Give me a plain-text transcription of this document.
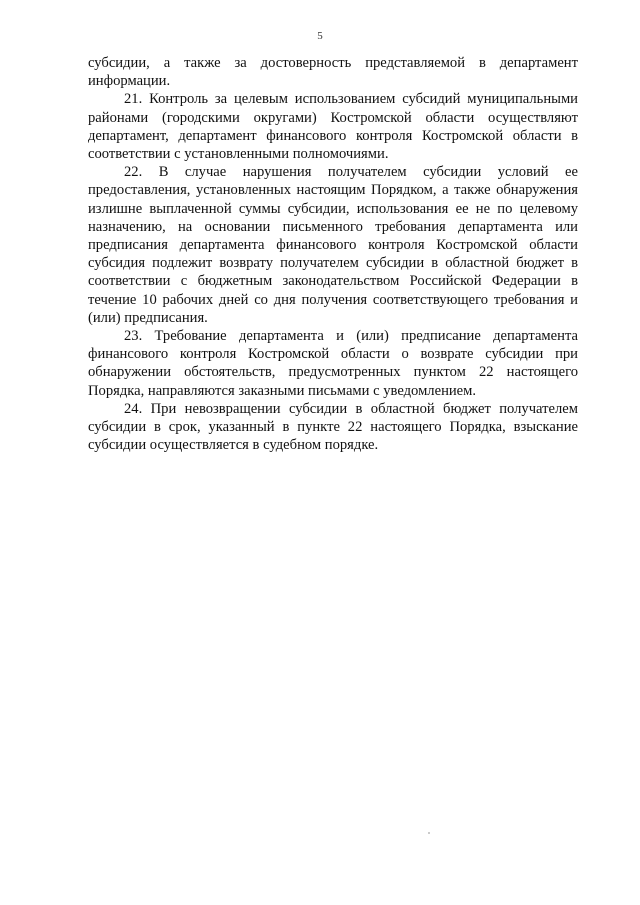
5

субсидии, а также за достоверность представляемой в департамент информации.

21. Контроль за целевым использованием субсидий муниципальными районами (городскими округами) Костромской области осуществляют департамент, департамент финансового контроля Костромской области в соответствии с установленными полномочиями.

22. В случае нарушения получателем субсидии условий ее предоставления, установленных настоящим Порядком, а также обнаружения излишне выплаченной суммы субсидии, использования ее не по целевому назначению, на основании письменного требования департамента или предписания департамента финансового контроля Костромской области субсидия подлежит возврату получателем субсидии в областной бюджет в соответствии с бюджетным законодательством Российской Федерации в течение 10 рабочих дней со дня получения соответствующего требования и (или) предписания.

23. Требование департамента и (или) предписание департамента финансового контроля Костромской области о возврате субсидии при обнаружении обстоятельств, предусмотренных пунктом 22 настоящего Порядка, направляются заказными письмами с уведомлением.

24. При невозвращении субсидии в областной бюджет получателем субсидии в срок, указанный в пункте 22 настоящего Порядка, взыскание субсидии осуществляется в судебном порядке.
